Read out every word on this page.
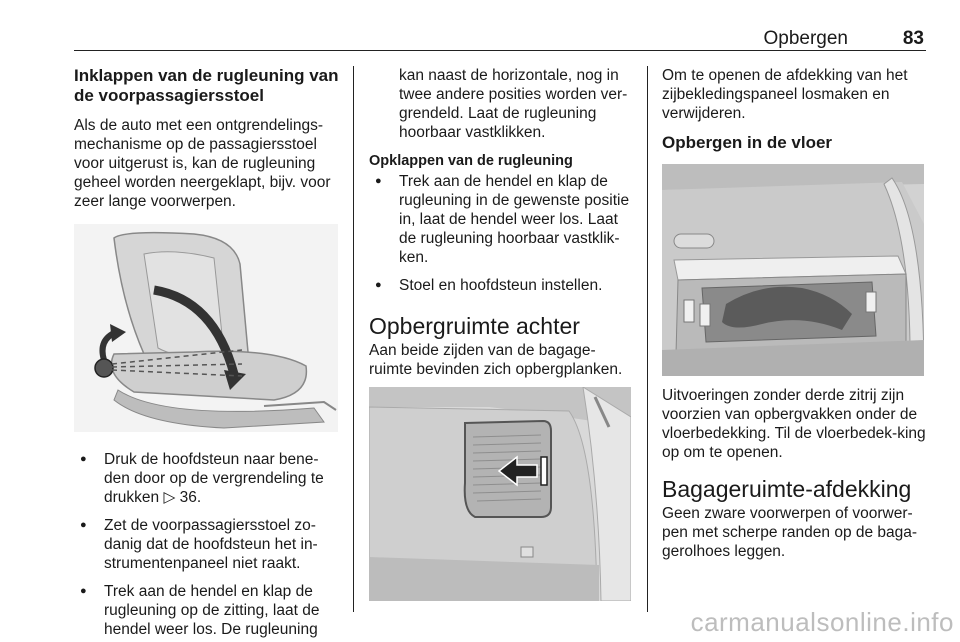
Opbergen	83

Inklappen van de rugleuning van de voorpassagiersstoel

Als de auto met een ontgrendelings-mechanisme op de passagiersstoel voor uitgerust is, kan de rugleuning geheel worden neergeklapt, bijv. voor zeer lange voorwerpen.

● Druk de hoofdsteun naar bene-den door op de vergrendeling te drukken ▷ 36.
● Zet de voorpassagiersstoel zo-danig dat de hoofdsteun het in-strumentenpaneel niet raakt.
● Trek aan de hendel en klap de rugleuning op de zitting, laat de hendel weer los. De rugleuning

kan naast de horizontale, nog in twee andere posities worden ver-grendeld. Laat de rugleuning hoorbaar vastklikken.

Opklappen van de rugleuning

● Trek aan de hendel en klap de rugleuning in de gewenste positie in, laat de hendel weer los. Laat de rugleuning hoorbaar vastklik-ken.
● Stoel en hoofdsteun instellen.

Opbergruimte achter

Aan beide zijden van de bagage-ruimte bevinden zich opbergplanken.

Om te openen de afdekking van het zijbekledingspaneel losmaken en verwijderen.

Opbergen in de vloer

Uitvoeringen zonder derde zitrij zijn voorzien van opbergvakken onder de vloerbedekking. Til de vloerbedek-king op om te openen.

Bagageruimte-afdekking

Geen zware voorwerpen of voorwer-pen met scherpe randen op de baga-gerolhoes leggen.

carmanualsonline.info
